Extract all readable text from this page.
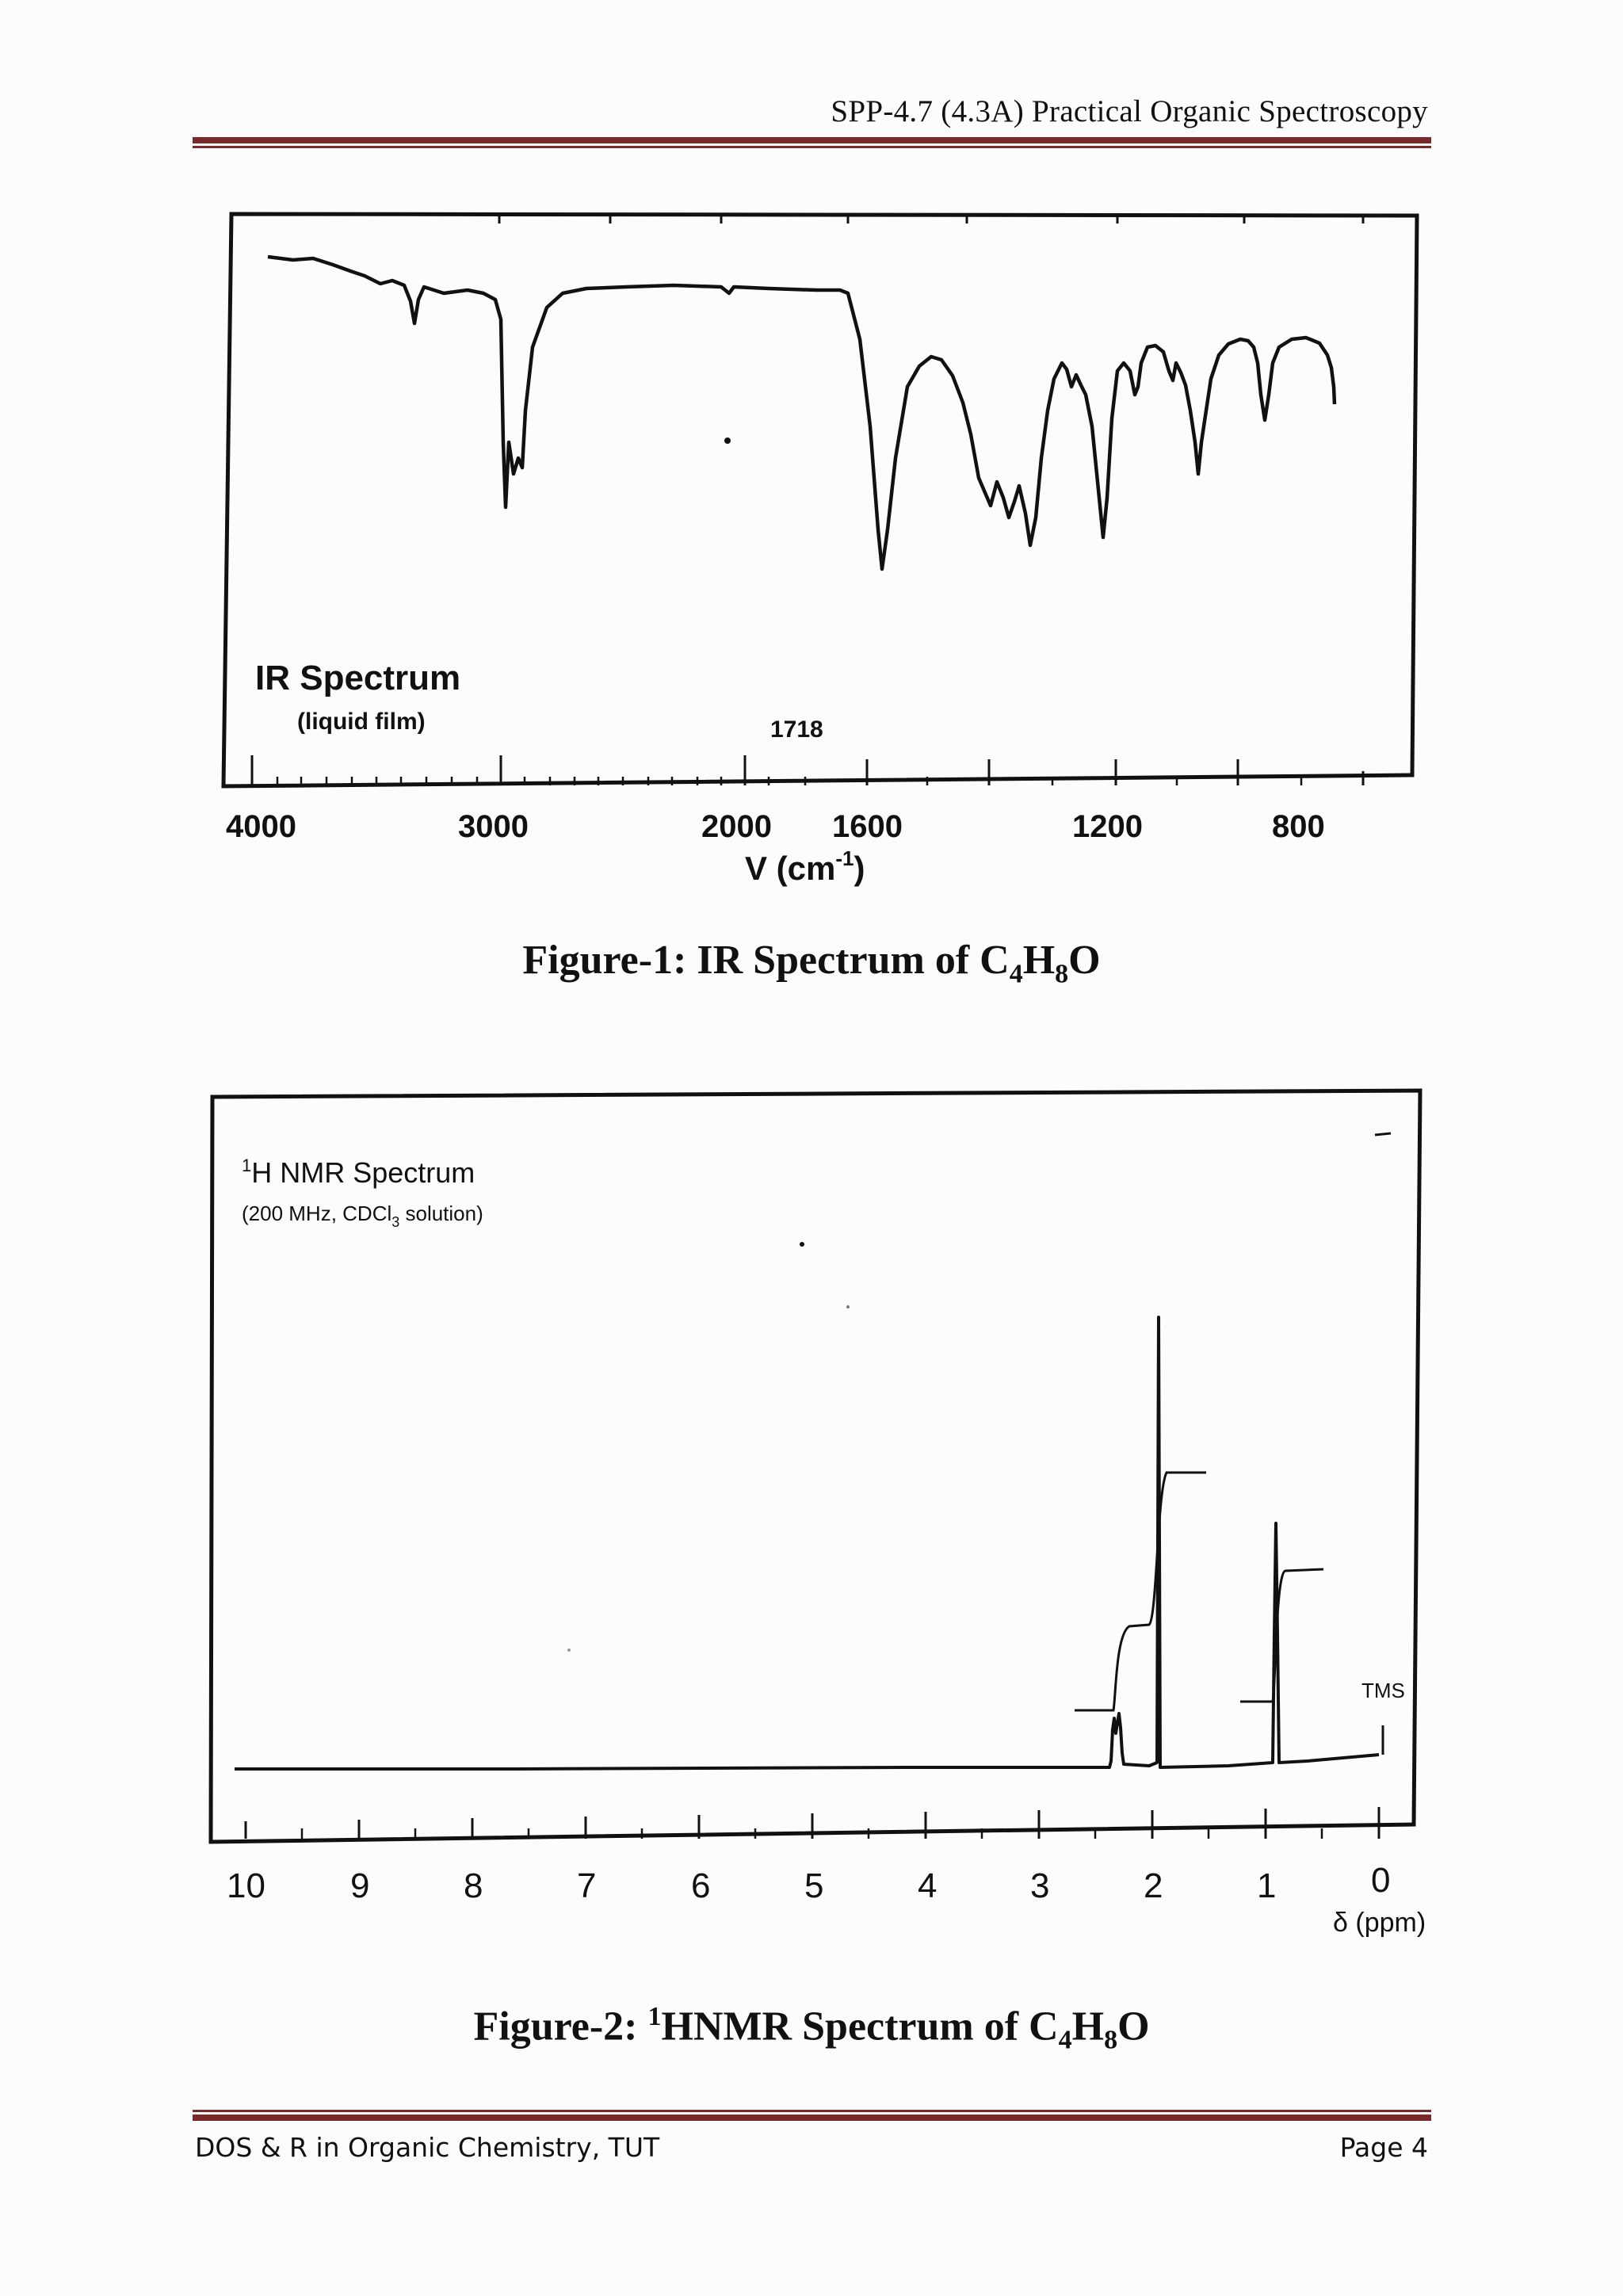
SPP-4.7 (4.3A) Practical Organic Spectroscopy
IR Spectrum
(liquid film)	1718
4000	3000	2000 1600	1200	800
V $(cm^{-1})$
Figure-1: IR Spectrum of $C_4H_8O$
$^1$H NMR Spectrum
(200 MHz, CDCl$_3$ solution)
TMS
10 9	8	7	6	5	4	3	2	1	0
δ (ppm)
Figure-2: $^1$HNMR Spectrum of $C_4H_8O$
DOS & R in Organic Chemistry, TUT	Page 4
